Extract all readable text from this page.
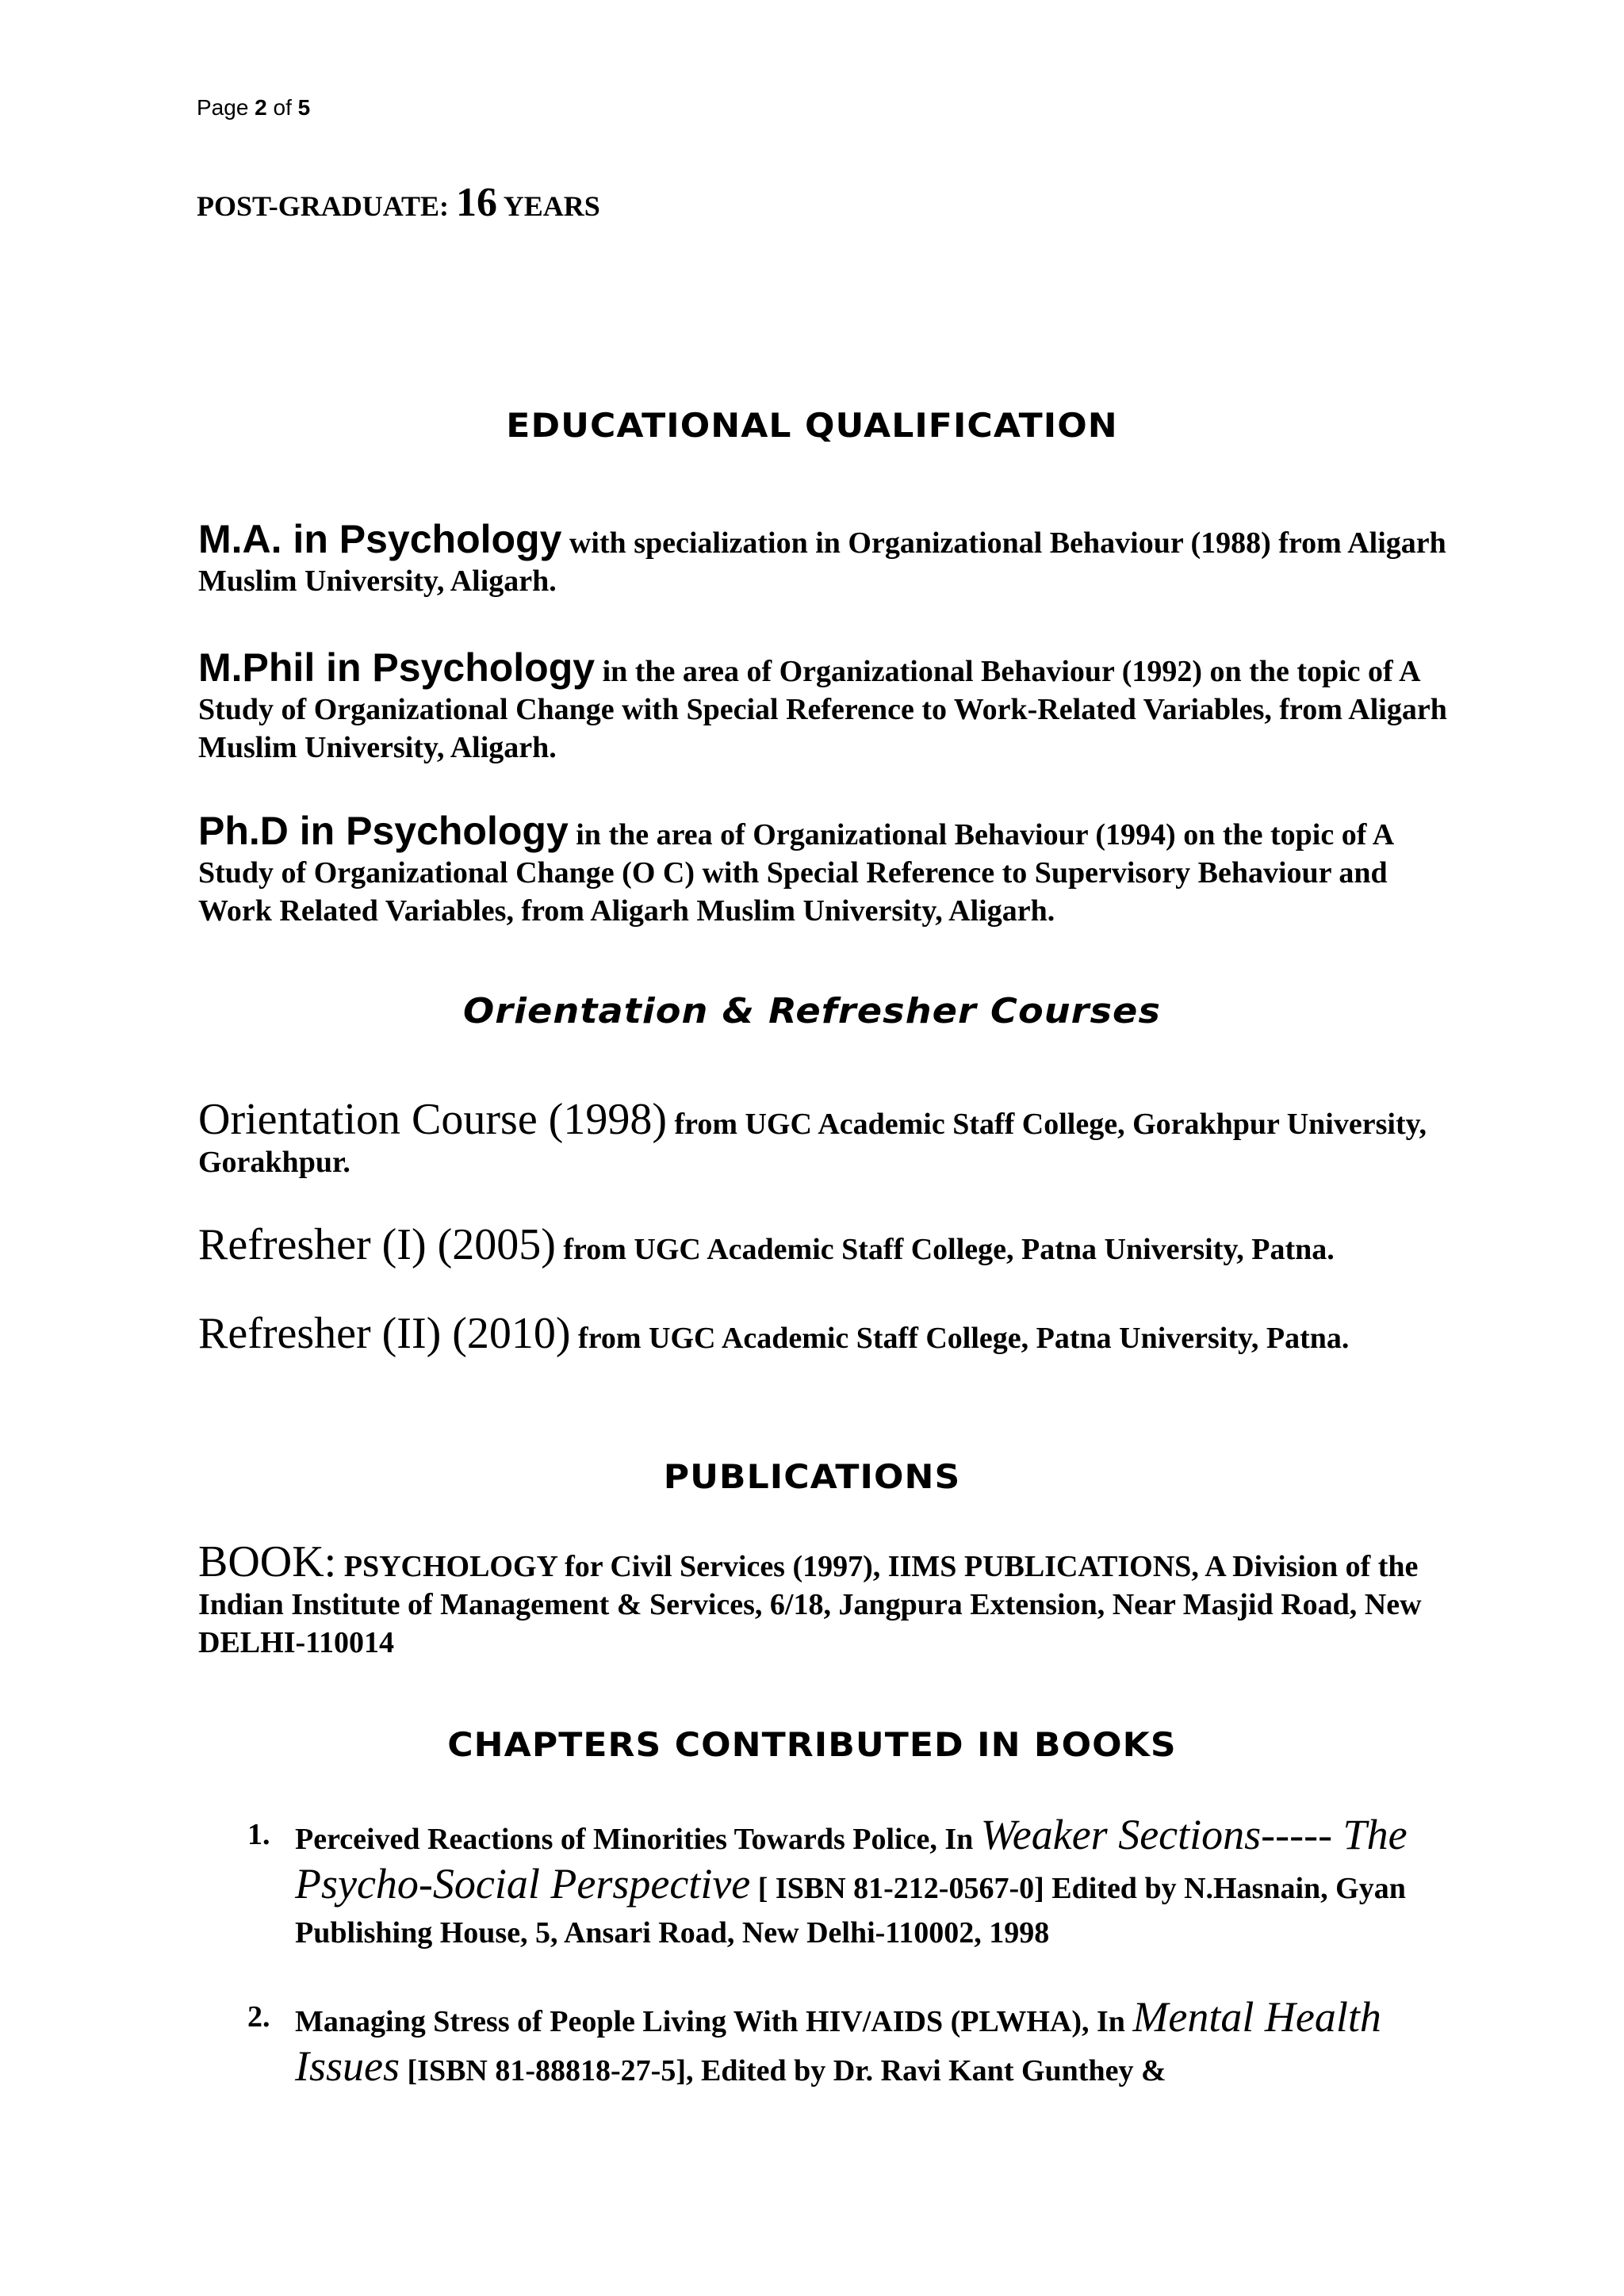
Page 2 of 5
POST-GRADUATE: 16 YEARS
EDUCATIONAL QUALIFICATION
M.A. in Psychology with specialization in Organizational Behaviour (1988) from Aligarh Muslim University, Aligarh.
M.Phil in Psychology in the area of Organizational Behaviour (1992) on the topic of A Study of Organizational Change with Special Reference to Work-Related Variables, from Aligarh Muslim University, Aligarh.
Ph.D in Psychology in the area of Organizational Behaviour (1994) on the topic of A Study of Organizational Change (O C) with Special Reference to Supervisory Behaviour and Work Related Variables, from Aligarh Muslim University, Aligarh.
Orientation & Refresher Courses
Orientation Course (1998) from UGC Academic Staff College, Gorakhpur University, Gorakhpur.
Refresher (I) (2005) from UGC Academic Staff College, Patna University, Patna.
Refresher (II) (2010) from UGC Academic Staff College, Patna University, Patna.
PUBLICATIONS
BOOK: PSYCHOLOGY for Civil Services (1997), IIMS PUBLICATIONS, A Division of the Indian Institute of Management & Services, 6/18, Jangpura Extension, Near Masjid Road, New DELHI-110014
CHAPTERS CONTRIBUTED IN BOOKS
1. Perceived Reactions of Minorities Towards Police, In Weaker Sections----- The Psycho-Social Perspective [ ISBN 81-212-0567-0] Edited by N.Hasnain, Gyan Publishing House, 5, Ansari Road, New Delhi-110002, 1998
2. Managing Stress of People Living With HIV/AIDS (PLWHA), In Mental Health Issues [ISBN 81-88818-27-5], Edited by Dr. Ravi Kant Gunthey &
